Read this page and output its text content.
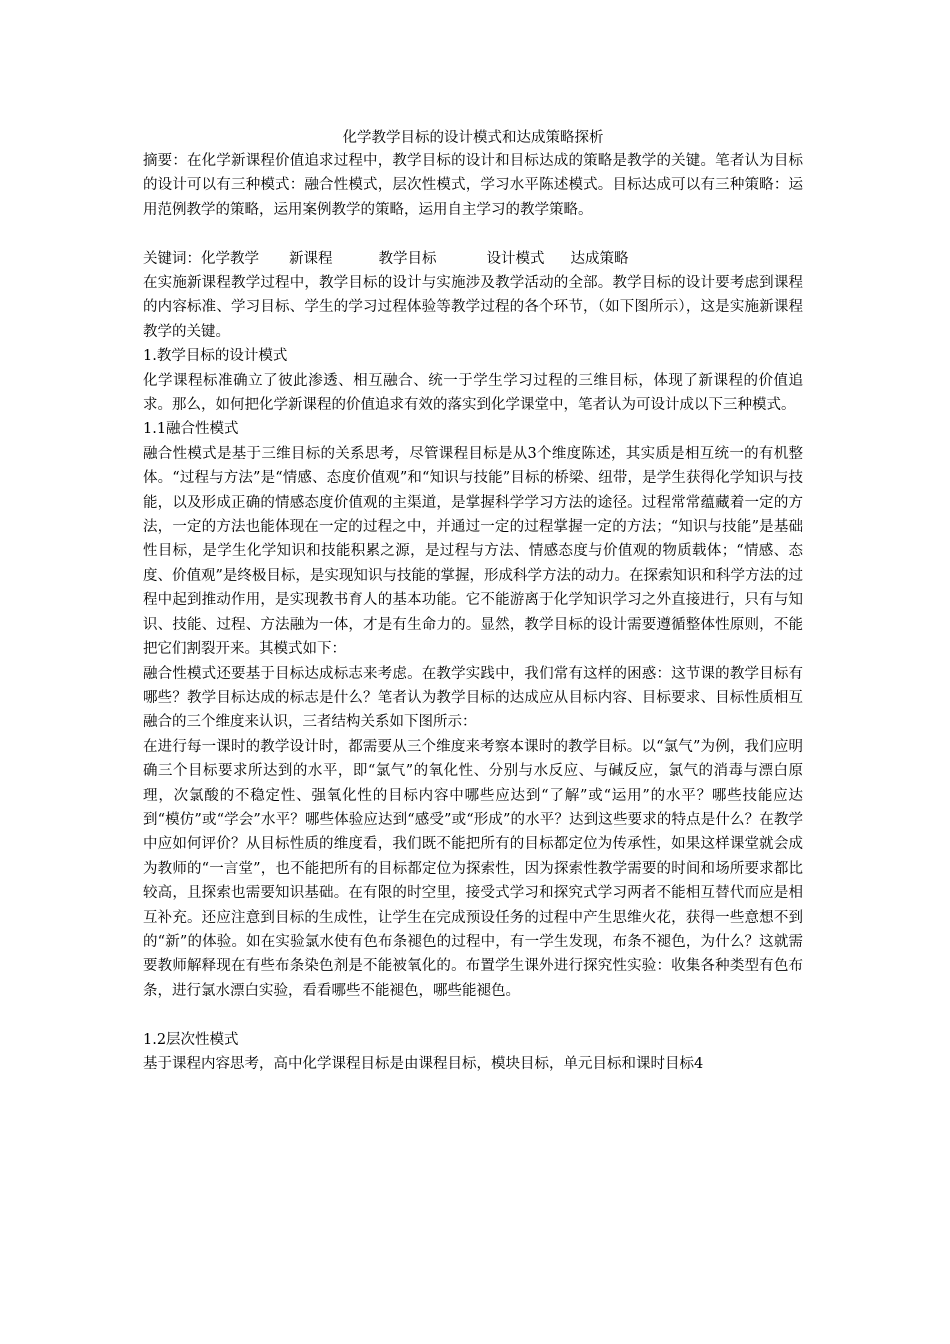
化学教学目标的设计模式和达成策略探析

摘要：在化学新课程价值追求过程中，教学目标的设计和目标达成的策略是教学的关键。笔者认为目标的设计可以有三种模式：融合性模式，层次性模式，学习水平陈述模式。目标达成可以有三种策略：运用范例教学的策略，运用案例教学的策略，运用自主学习的教学策略。

关键词：化学教学 新课程	教学目标	设计模式 达成策略

在实施新课程教学过程中，教学目标的设计与实施涉及教学活动的全部。教学目标的设计要考虑到课程的内容标准、学习目标、学生的学习过程体验等教学过程的各个环节，（如下图所示），这是实施新课程教学的关键。

1.教学目标的设计模式

化学课程标准确立了彼此渗透、相互融合、统一于学生学习过程的三维目标，体现了新课程的价值追求。那么，如何把化学新课程的价值追求有效的落实到化学课堂中，笔者认为可设计成以下三种模式。

1.1融合性模式

融合性模式是基于三维目标的关系思考，尽管课程目标是从3个维度陈述，其实质是相互统一的有机整体。“过程与方法”是“情感、态度价值观”和“知识与技能”目标的桥梁、纽带，是学生获得化学知识与技能，以及形成正确的情感态度价值观的主渠道，是掌握科学学习方法的途径。过程常常蕴藏着一定的方法，一定的方法也能体现在一定的过程之中，并通过一定的过程掌握一定的方法；“知识与技能”是基础性目标，是学生化学知识和技能积累之源，是过程与方法、情感态度与价值观的物质载体；“情感、态度、价值观”是终极目标，是实现知识与技能的掌握，形成科学方法的动力。在探索知识和科学方法的过程中起到推动作用，是实现教书育人的基本功能。它不能游离于化学知识学习之外直接进行，只有与知识、技能、过程、方法融为一体，才是有生命力的。显然，教学目标的设计需要遵循整体性原则，不能把它们割裂开来。其模式如下：

融合性模式还要基于目标达成标志来考虑。在教学实践中，我们常有这样的困惑：这节课的教学目标有哪些？教学目标达成的标志是什么？笔者认为教学目标的达成应从目标内容、目标要求、目标性质相互融合的三个维度来认识，三者结构关系如下图所示：

在进行每一课时的教学设计时，都需要从三个维度来考察本课时的教学目标。以“氯气”为例，我们应明确三个目标要求所达到的水平，即“氯气”的氧化性、分别与水反应、与碱反应，氯气的消毒与漂白原理，次氯酸的不稳定性、强氧化性的目标内容中哪些应达到“了解”或“运用”的水平？哪些技能应达到“模仿”或“学会”水平？哪些体验应达到“感受”或“形成”的水平？达到这些要求的特点是什么？在教学中应如何评价？从目标性质的维度看，我们既不能把所有的目标都定位为传承性，如果这样课堂就会成为教师的“一言堂”，也不能把所有的目标都定位为探索性，因为探索性教学需要的时间和场所要求都比较高，且探索也需要知识基础。在有限的时空里，接受式学习和探究式学习两者不能相互替代而应是相互补充。还应注意到目标的生成性，让学生在完成预设任务的过程中产生思维火花，获得一些意想不到的“新”的体验。如在实验氯水使有色布条褪色的过程中，有一学生发现，布条不褪色，为什么？这就需要教师解释现在有些布条染色剂是不能被氧化的。布置学生课外进行探究性实验：收集各种类型有色布条，进行氯水漂白实验，看看哪些不能褪色，哪些能褪色。

1.2层次性模式

基于课程内容思考，高中化学课程目标是由课程目标，模块目标，单元目标和课时目标4
